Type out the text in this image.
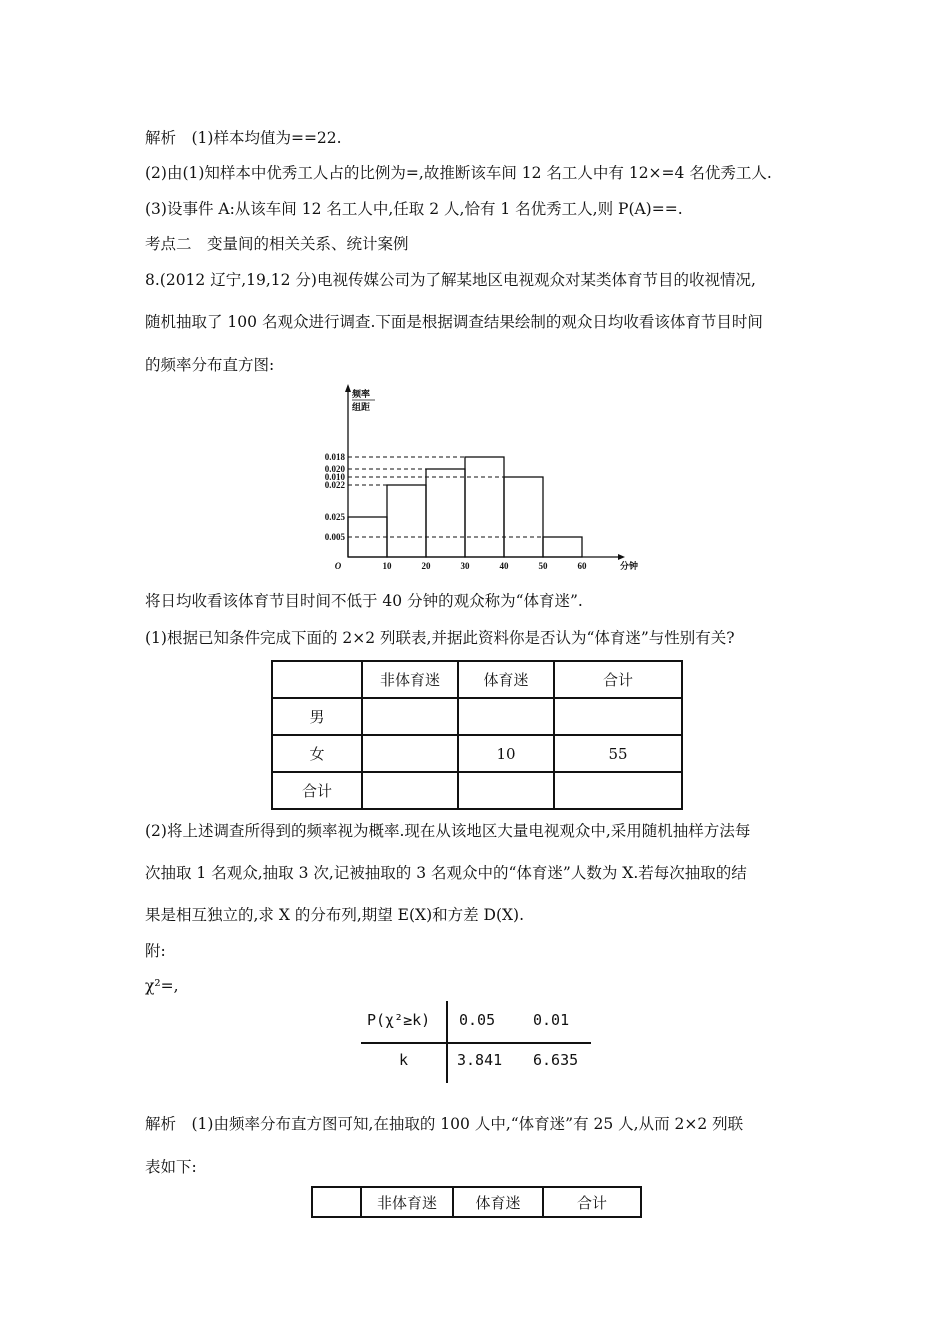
解析　(1)样本均值为==22.
(2)由(1)知样本中优秀工人占的比例为=,故推断该车间 12 名工人中有 12×=4 名优秀工人.
(3)设事件 A:从该车间 12 名工人中,任取 2 人,恰有 1 名优秀工人,则 P(A)==.
考点二　变量间的相关关系、统计案例
8.(2012 辽宁,19,12 分)电视传媒公司为了解某地区电视观众对某类体育节目的收视情况,
随机抽取了 100 名观众进行调查.下面是根据调查结果绘制的观众日均收看该体育节目时间
的频率分布直方图:
0.025
0.022
0.020
0.018
0.010
0.005
10	20	30	40	50	60
O	分钟
频率
组距
将日均收看该体育节目时间不低于 40 分钟的观众称为“体育迷”.
(1)根据已知条件完成下面的 2×2 列联表,并据此资料你是否认为“体育迷”与性别有关?
	非体育迷	体育迷	合计
男			
女		10	55
合计			
(2)将上述调查所得到的频率视为概率.现在从该地区大量电视观众中,采用随机抽样方法每
次抽取 1 名观众,抽取 3 次,记被抽取的 3 名观众中的“体育迷”人数为 X.若每次抽取的结
果是相互独立的,求 X 的分布列,期望 E(X)和方差 D(X).
附:
χ²=,
P(χ²≥k) 0.05	0.01
k	3.841 6.635
解析　(1)由频率分布直方图可知,在抽取的 100 人中,“体育迷”有 25 人,从而 2×2 列联
表如下:
	非体育迷	体育迷	合计
